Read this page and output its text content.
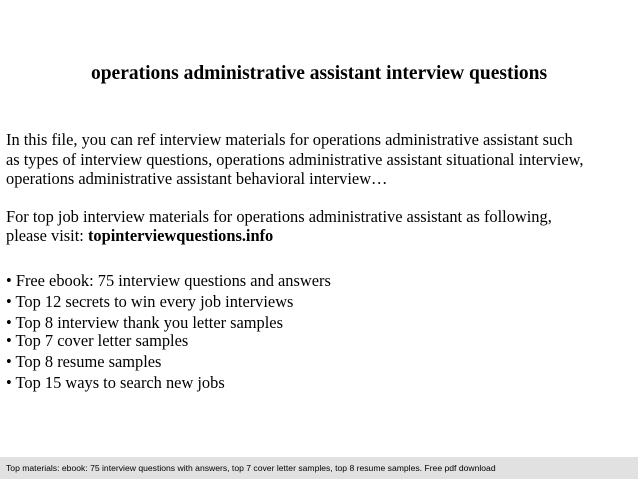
operations administrative assistant interview questions

In this file, you can ref interview materials for operations administrative assistant such
as types of interview questions, operations administrative assistant situational interview,
operations administrative assistant behavioral interview…

For top job interview materials for operations administrative assistant as following,
please visit: topinterviewquestions.info

• Free ebook: 75 interview questions and answers
• Top 12 secrets to win every job interviews
• Top 8 interview thank you letter samples
• Top 7 cover letter samples
• Top 8 resume samples
• Top 15 ways to search new jobs
Top materials: ebook: 75 interview questions with answers, top 7 cover letter samples, top 8 resume samples. Free pdf download
